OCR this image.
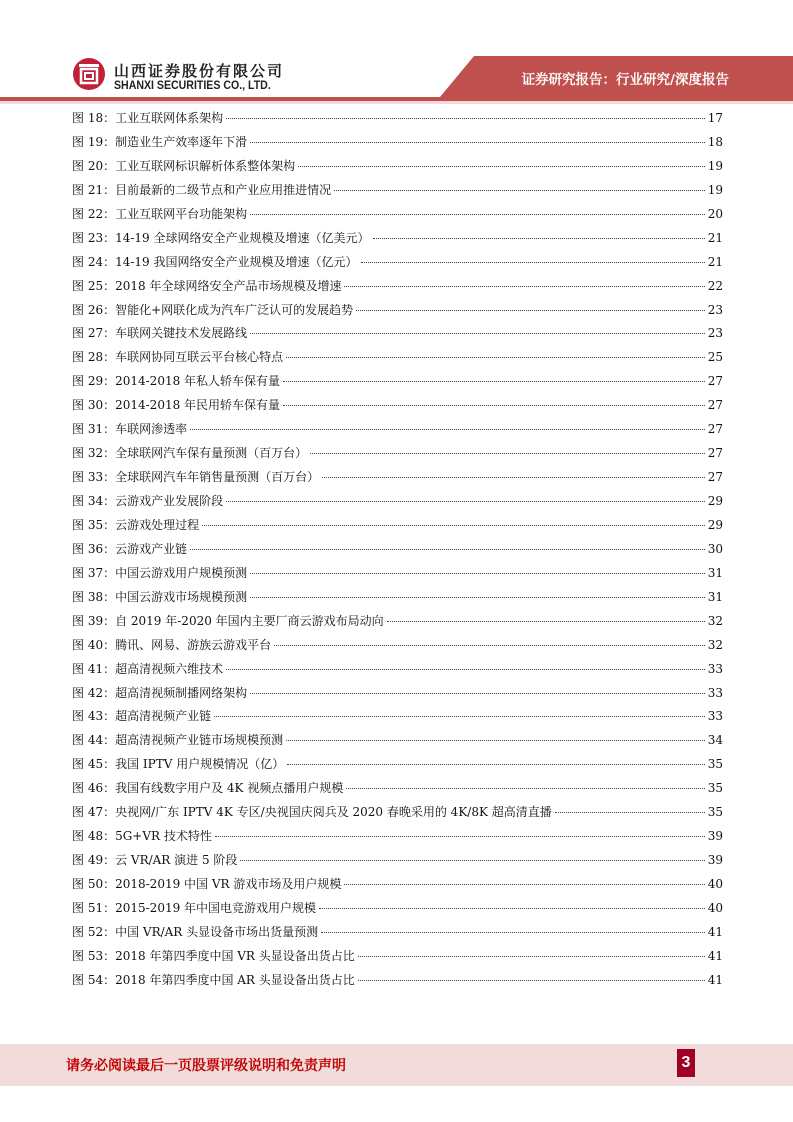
山西证券股份有限公司
SHANXI SECURITIES CO., LTD.	证券研究报告：行业研究/深度报告
图 18：工业互联网体系架构	17
图 19：制造业生产效率逐年下滑	18
图 20：工业互联网标识解析体系整体架构	19
图 21：目前最新的二级节点和产业应用推进情况	19
图 22：工业互联网平台功能架构	20
图 23：14-19 全球网络安全产业规模及增速（亿美元）	21
图 24：14-19 我国网络安全产业规模及增速（亿元）	21
图 25：2018 年全球网络安全产品市场规模及增速	22
图 26：智能化+网联化成为汽车广泛认可的发展趋势	23
图 27：车联网关键技术发展路线	23
图 28：车联网协同互联云平台核心特点	25
图 29：2014-2018 年私人轿车保有量	27
图 30：2014-2018 年民用轿车保有量	27
图 31：车联网渗透率	27
图 32：全球联网汽车保有量预测（百万台）	27
图 33：全球联网汽车年销售量预测（百万台）	27
图 34：云游戏产业发展阶段	29
图 35：云游戏处理过程	29
图 36：云游戏产业链	30
图 37：中国云游戏用户规模预测	31
图 38：中国云游戏市场规模预测	31
图 39：自 2019 年-2020 年国内主要厂商云游戏布局动向	32
图 40：腾讯、网易、游族云游戏平台	32
图 41：超高清视频六维技术	33
图 42：超高清视频制播网络架构	33
图 43：超高清视频产业链	33
图 44：超高清视频产业链市场规模预测	34
图 45：我国 IPTV 用户规模情况（亿）	35
图 46：我国有线数字用户及 4K 视频点播用户规模	35
图 47：央视网/广东 IPTV 4K 专区/央视国庆阅兵及 2020 春晚采用的 4K/8K 超高清直播	35
图 48：5G+VR 技术特性	39
图 49：云 VR/AR 演进 5 阶段	39
图 50：2018-2019 中国 VR 游戏市场及用户规模	40
图 51：2015-2019 年中国电竞游戏用户规模	40
图 52：中国 VR/AR 头显设备市场出货量预测	41
图 53：2018 年第四季度中国 VR 头显设备出货占比	41
图 54：2018 年第四季度中国 AR 头显设备出货占比	41
请务必阅读最后一页股票评级说明和免责声明	3
